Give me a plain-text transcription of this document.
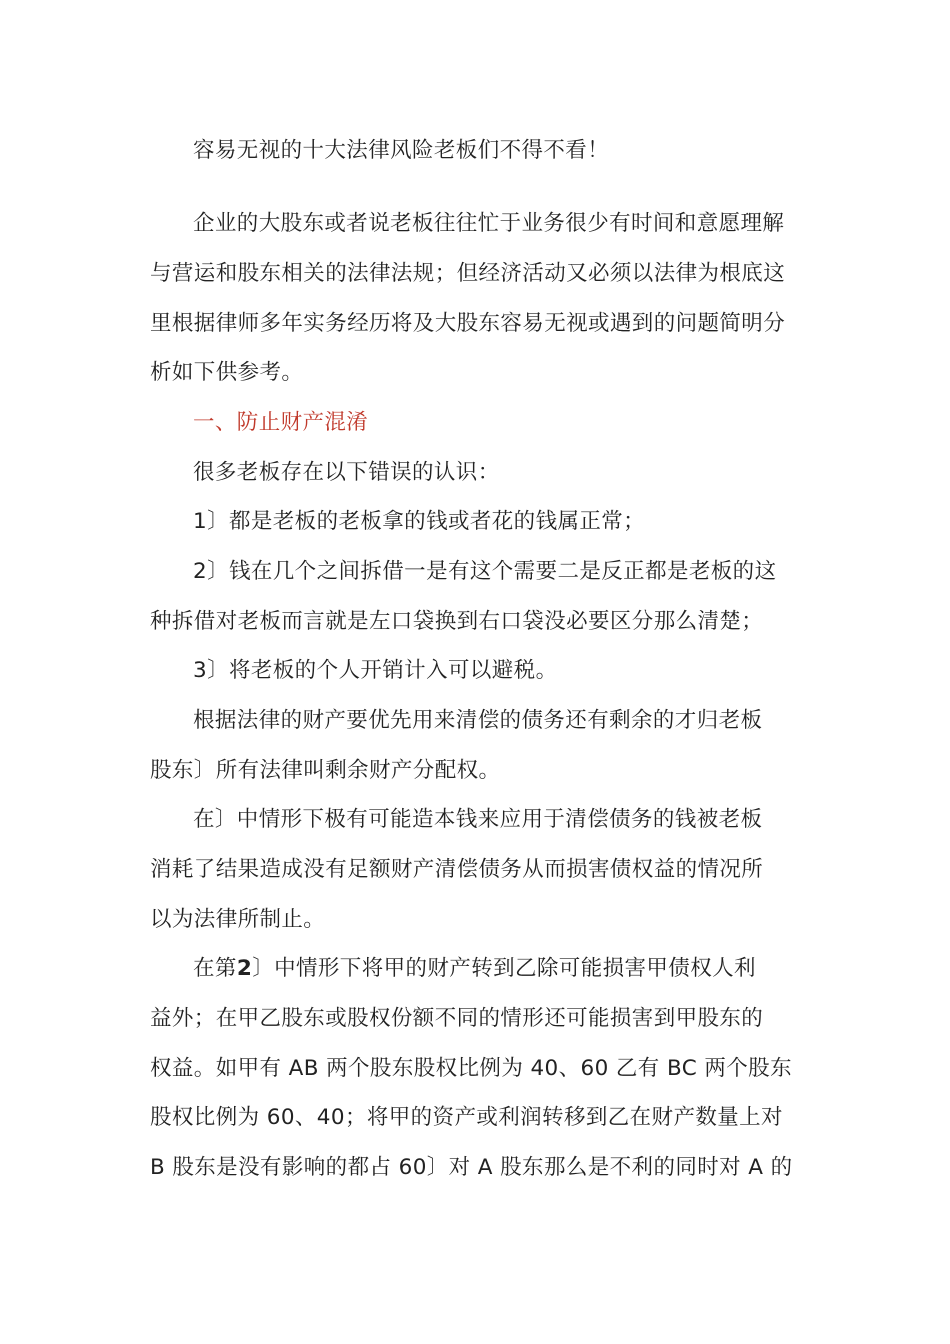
容易无视的十大法律风险老板们不得不看！

企业的大股东或者说老板往往忙于业务很少有时间和意愿理解

与营运和股东相关的法律法规；但经济活动又必须以法律为根底这

里根据律师多年实务经历将及大股东容易无视或遇到的问题简明分

析如下供参考。

一、防止财产混淆

很多老板存在以下错误的认识：

1〕都是老板的老板拿的钱或者花的钱属正常；

2〕钱在几个之间拆借一是有这个需要二是反正都是老板的这

种拆借对老板而言就是左口袋换到右口袋没必要区分那么清楚；

3〕将老板的个人开销计入可以避税。

根据法律的财产要优先用来清偿的债务还有剩余的才归老板

股东〕所有法律叫剩余财产分配权。

在〕中情形下极有可能造本钱来应用于清偿债务的钱被老板

消耗了结果造成没有足额财产清偿债务从而损害债权益的情况所

以为法律所制止。

在第2〕中情形下将甲的财产转到乙除可能损害甲债权人利

益外；在甲乙股东或股权份额不同的情形还可能损害到甲股东的

权益。如甲有 AB 两个股东股权比例为 40、60 乙有 BC 两个股东

股权比例为 60、40；将甲的资产或利润转移到乙在财产数量上对

B 股东是没有影响的都占 60〕对 A 股东那么是不利的同时对 A 的
